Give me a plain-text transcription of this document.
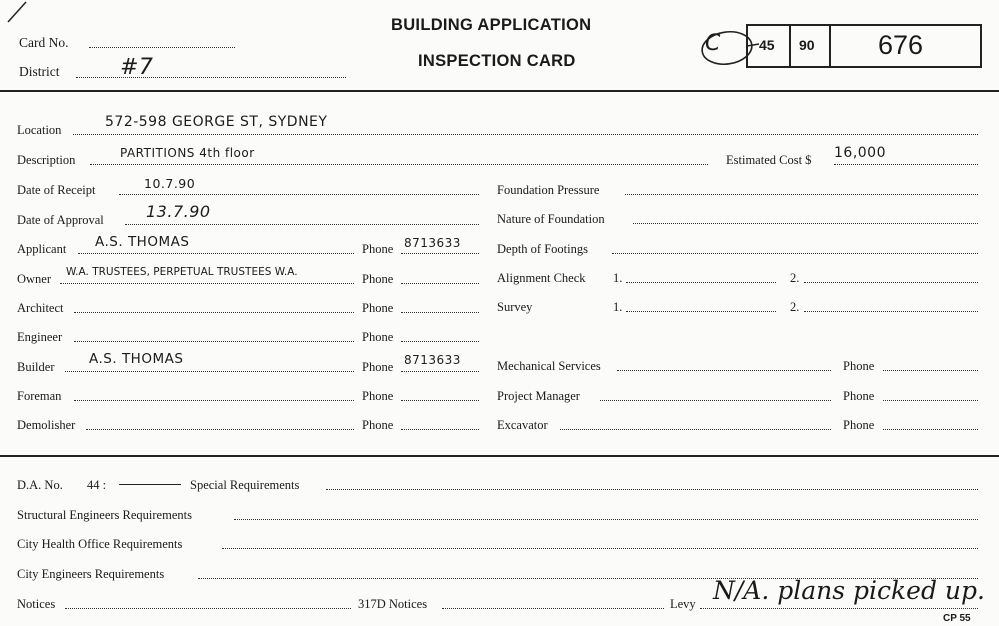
Card No.
District	#7
BUILDING APPLICATION
INSPECTION CARD
C	45 90 676
Location	572-598 GEORGE ST, SYDNEY
Description	PARTITIONS 4th floor	Estimated Cost $ 16,000
Date of Receipt	10.7.90
Date of Approval	13.7.90
Applicant A.S. THOMAS	Phone 8713633
Owner W.A. TRUSTEES, PERPETUAL TRUSTEES W.A.	Phone
Architect	Phone
Engineer	Phone
Builder	A.S. THOMAS	Phone 8713633
Foreman	Phone
Demolisher	Phone
Foundation Pressure
Nature of Foundation
Depth of Footings
Alignment Check 1.	2.
Survey	1.	2.
Mechanical Services	Phone
Project Manager	Phone
Excavator	Phone
D.A. No. 44 :	Special Requirements
Structural Engineers Requirements
City Health Office Requirements
City Engineers Requirements
Notices	317D Notices	Levy N/A. plans picked up.
CP 55
